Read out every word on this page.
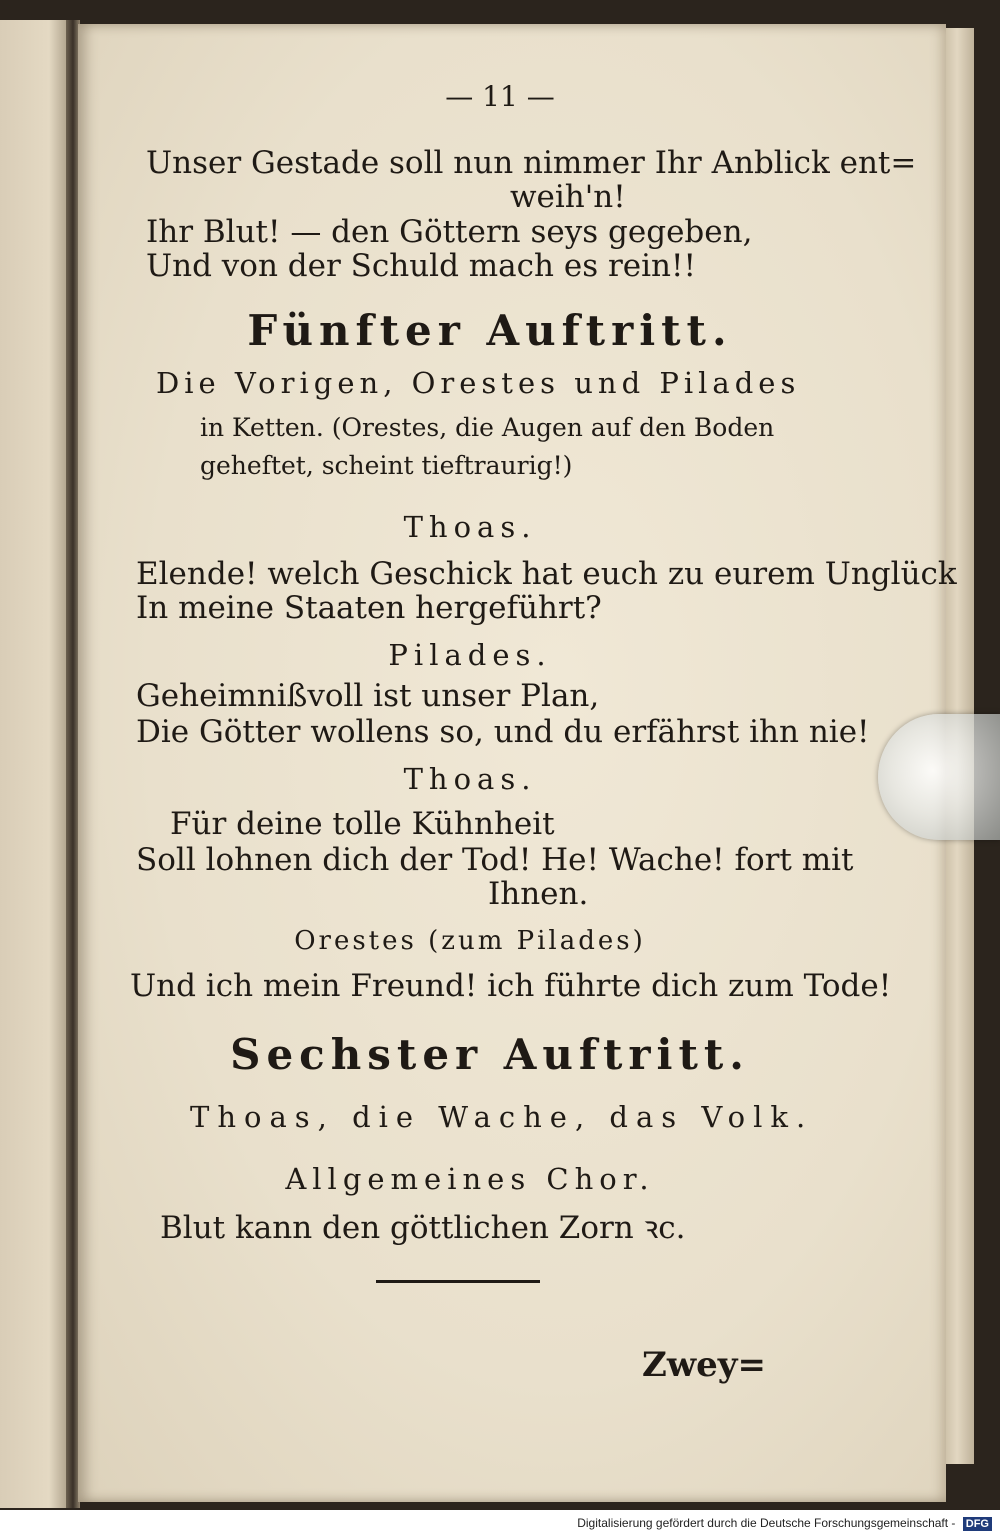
— 11 —
Unser Gestade soll nun nimmer Ihr Anblick ent=
weih'n!
Ihr Blut! — den Göttern seys gegeben,
Und von der Schuld mach es rein!!
Fünfter Auftritt.
Die Vorigen, Orestes und Pilades
in Ketten. (Orestes, die Augen auf den Boden
geheftet, scheint tieftraurig!)
Thoas.
Elende! welch Geschick hat euch zu eurem Unglück
In meine Staaten hergeführt?
Pilades.
Geheimnißvoll ist unser Plan,
Die Götter wollens so, und du erfährst ihn nie!
Thoas.
Für deine tolle Kühnheit
Soll lohnen dich der Tod! He! Wache! fort mit
Ihnen.
Orestes (zum Pilades)
Und ich mein Freund! ich führte dich zum Tode!
Sechster Auftritt.
Thoas, die Wache, das Volk.
Allgemeines Chor.
Blut kann den göttlichen Zorn ꝛc.
Zwey=
Digitalisierung gefördert durch die Deutsche Forschungsgemeinschaft - DFG
